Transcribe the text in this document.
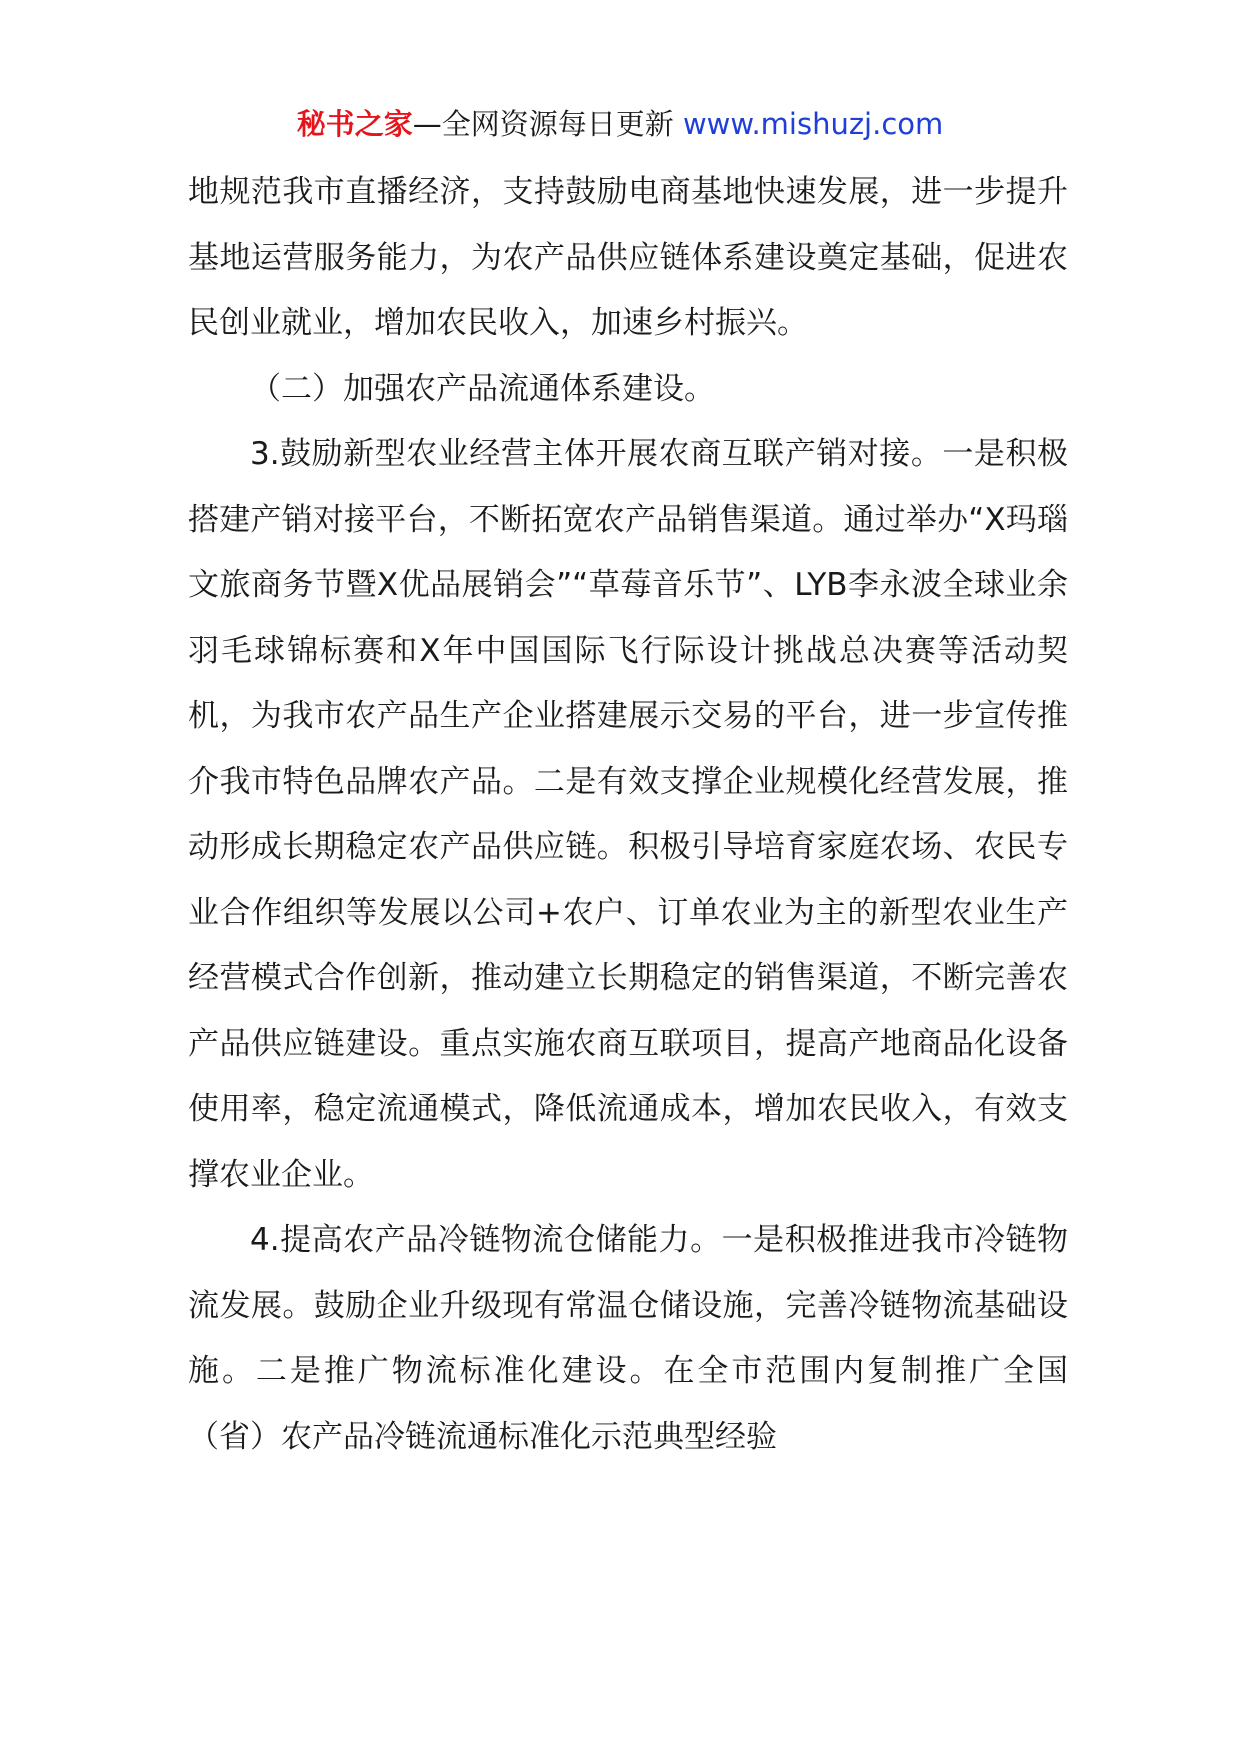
秘书之家—全网资源每日更新 www.mishuzj.com

地规范我市直播经济，支持鼓励电商基地快速发展，进一步提升基地运营服务能力，为农产品供应链体系建设奠定基础，促进农民创业就业，增加农民收入，加速乡村振兴。

（二）加强农产品流通体系建设。

3.鼓励新型农业经营主体开展农商互联产销对接。一是积极搭建产销对接平台，不断拓宽农产品销售渠道。通过举办“X玛瑙文旅商务节暨X优品展销会”“草莓音乐节”、LYB李永波全球业余羽毛球锦标赛和X年中国国际飞行际设计挑战总决赛等活动契机，为我市农产品生产企业搭建展示交易的平台，进一步宣传推介我市特色品牌农产品。二是有效支撑企业规模化经营发展，推动形成长期稳定农产品供应链。积极引导培育家庭农场、农民专业合作组织等发展以公司+农户、订单农业为主的新型农业生产经营模式合作创新，推动建立长期稳定的销售渠道，不断完善农产品供应链建设。重点实施农商互联项目，提高产地商品化设备使用率，稳定流通模式，降低流通成本，增加农民收入，有效支撑农业企业。

4.提高农产品冷链物流仓储能力。一是积极推进我市冷链物流发展。鼓励企业升级现有常温仓储设施，完善冷链物流基础设施。二是推广物流标准化建设。在全市范围内复制推广全国（省）农产品冷链流通标准化示范典型经验
